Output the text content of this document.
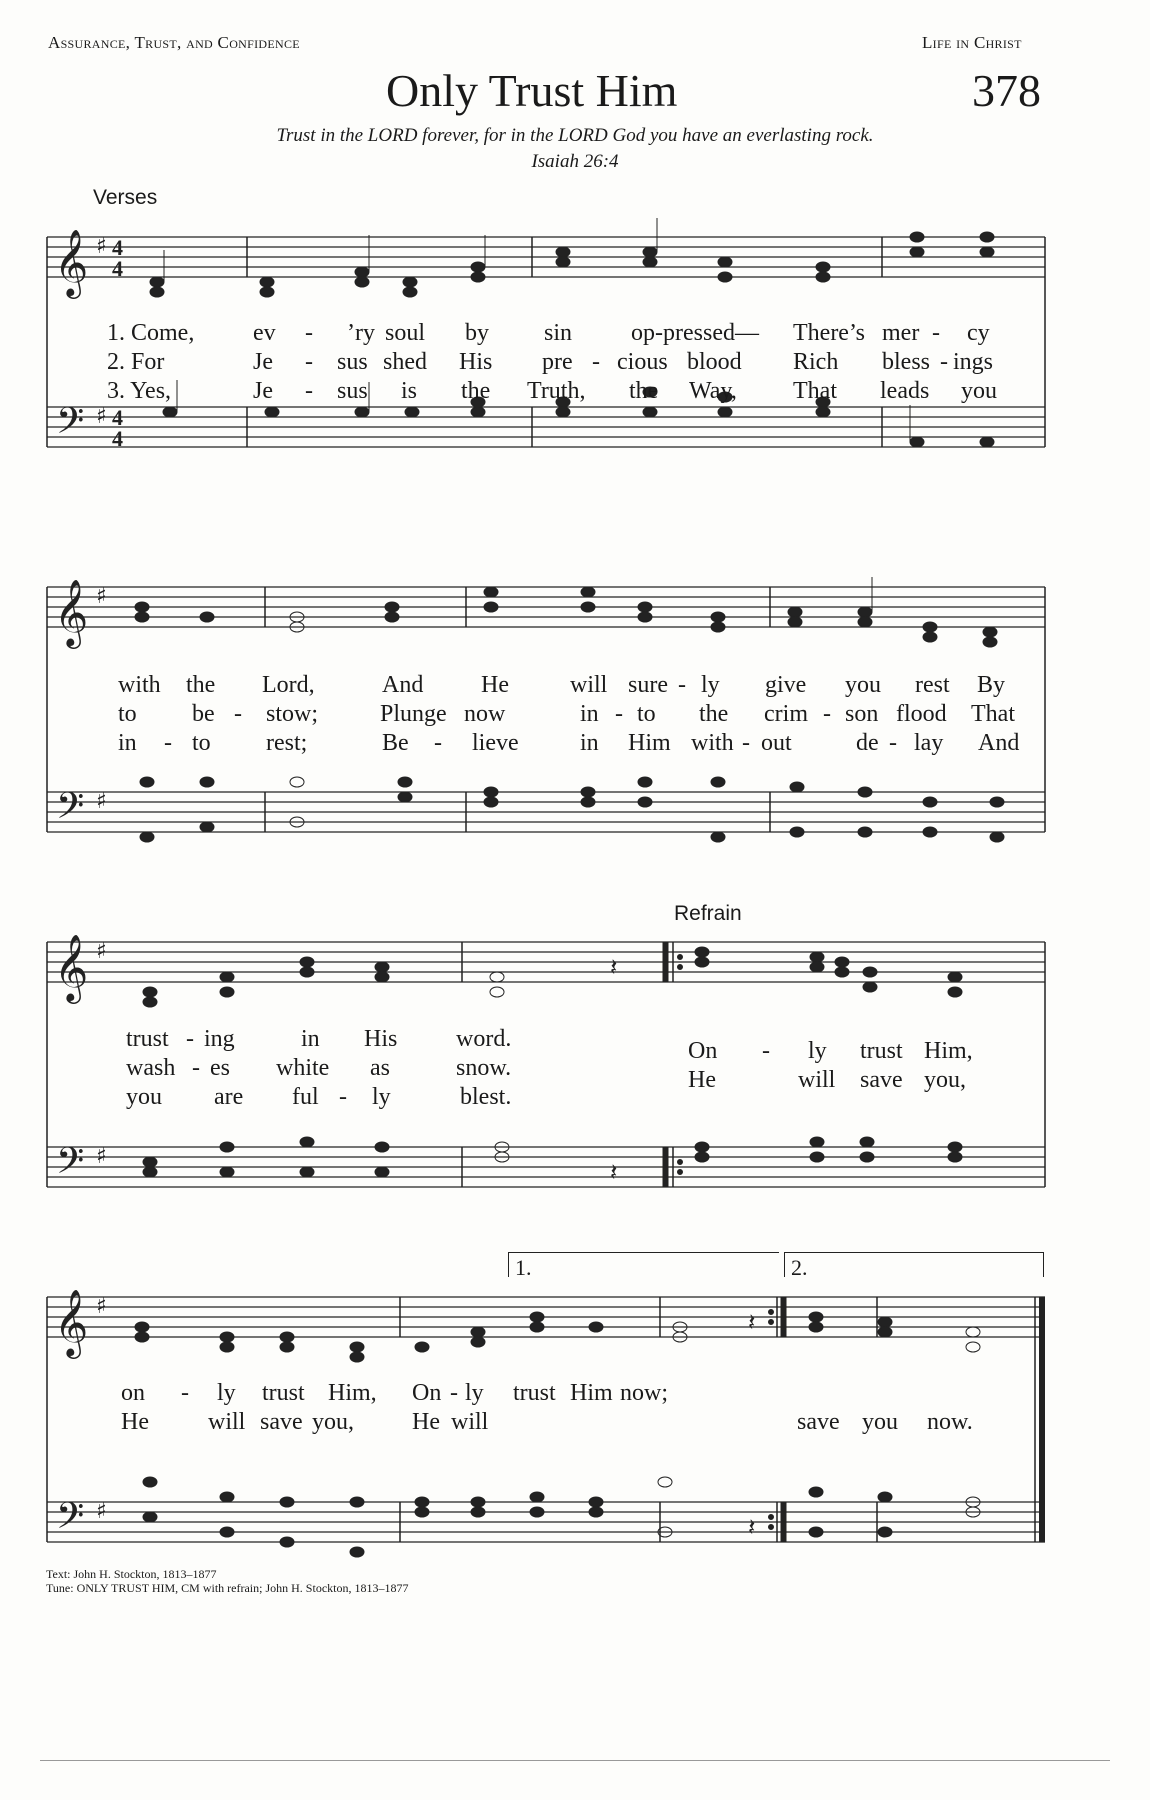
Assurance, Trust, and Confidence	Life in Christ
Only Trust Him	378
Trust in the LORD forever, for in the LORD God you have an everlasting rock.
Isaiah 26:4
Verses
Refrain
𝄞
𝄢
♯
♯
4
4
4
4
1. Come, ev - ’ry soul by sin op-pressed— There’s mer - cy
2. For	Je - sus shed His pre - cious blood Rich bless - ings
3. Yes,	Je - sus is the Truth, the Way, That leads you
𝄞
𝄢
♯
♯
with the Lord,	And He	will sure - ly give you rest By
to be - stow;	Plunge now	in - to the crim - son flood That
in - to rest;	Be - lieve	in Him with - out	de - lay And
𝄞
𝄢
♯
♯
𝄽
𝄽
trust - ing	in His word.
wash - es white as	snow.
you are ful - ly	blest.
On - ly trust Him,
He	will save you,
1.	2.
𝄞
𝄢
♯
♯
𝄽
𝄽
on - ly trust Him, On - ly trust Him now;
He will save you, He will	save you now.
Text: John H. Stockton, 1813–1877
Tune: ONLY TRUST HIM, CM with refrain; John H. Stockton, 1813–1877
